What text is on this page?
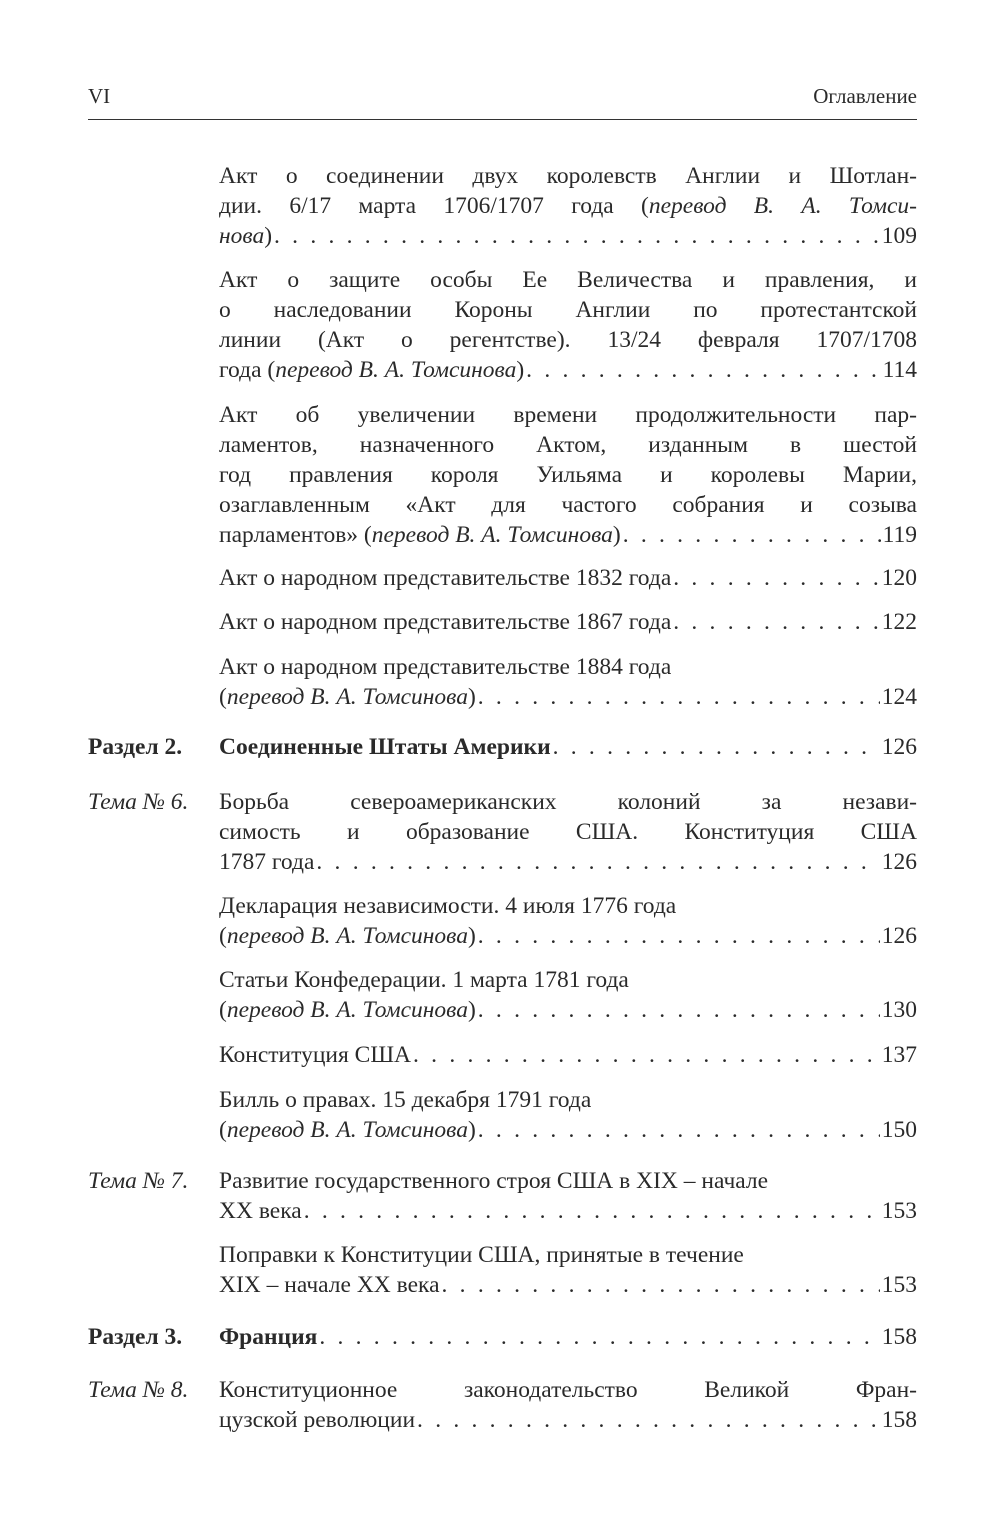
VI	Оглавление
Акт о соединении двух королевств Англии и Шотлан-
дии. 6/17 марта 1706/1707 года (перевод В. А. Томси-
нова) . . .	109
Акт о защите особы Ее Величества и правления, и
о наследовании Короны Англии по протестантской
линии (Акт о регентстве). 13/24 февраля 1707/1708
года (перевод В. А. Томсинова) . . .	114
Акт об увеличении времени продолжительности пар-
ламентов, назначенного Актом, изданным в шестой
год правления короля Уильяма и королевы Марии,
озаглавленным «Акт для частого собрания и созыва
парламентов» (перевод В. А. Томсинова) . . .	119
Акт о народном представительстве 1832 года . . .	120
Акт о народном представительстве 1867 года . . .	122
Акт о народном представительстве 1884 года
(перевод В. А. Томсинова) . . .	124
Раздел 2. Соединенные Штаты Америки . . .	126
Тема № 6. Борьба североамериканских колоний за незави-
симость и образование США. Конституция США
1787 года . . .	126
Декларация независимости. 4 июля 1776 года
(перевод В. А. Томсинова) . . .	126
Статьи Конфедерации. 1 марта 1781 года
(перевод В. А. Томсинова) . . .	130
Конституция США . . .	137
Билль о правах. 15 декабря 1791 года
(перевод В. А. Томсинова) . . .	150
Тема № 7. Развитие государственного строя США в XIX – начале
XX века . . .	153
Поправки к Конституции США, принятые в течение
XIX – начале XX века . . .	153
Раздел 3. Франция . . .	158
Тема № 8. Конституционное законодательство Великой Фран-
цузской революции . . .	158
